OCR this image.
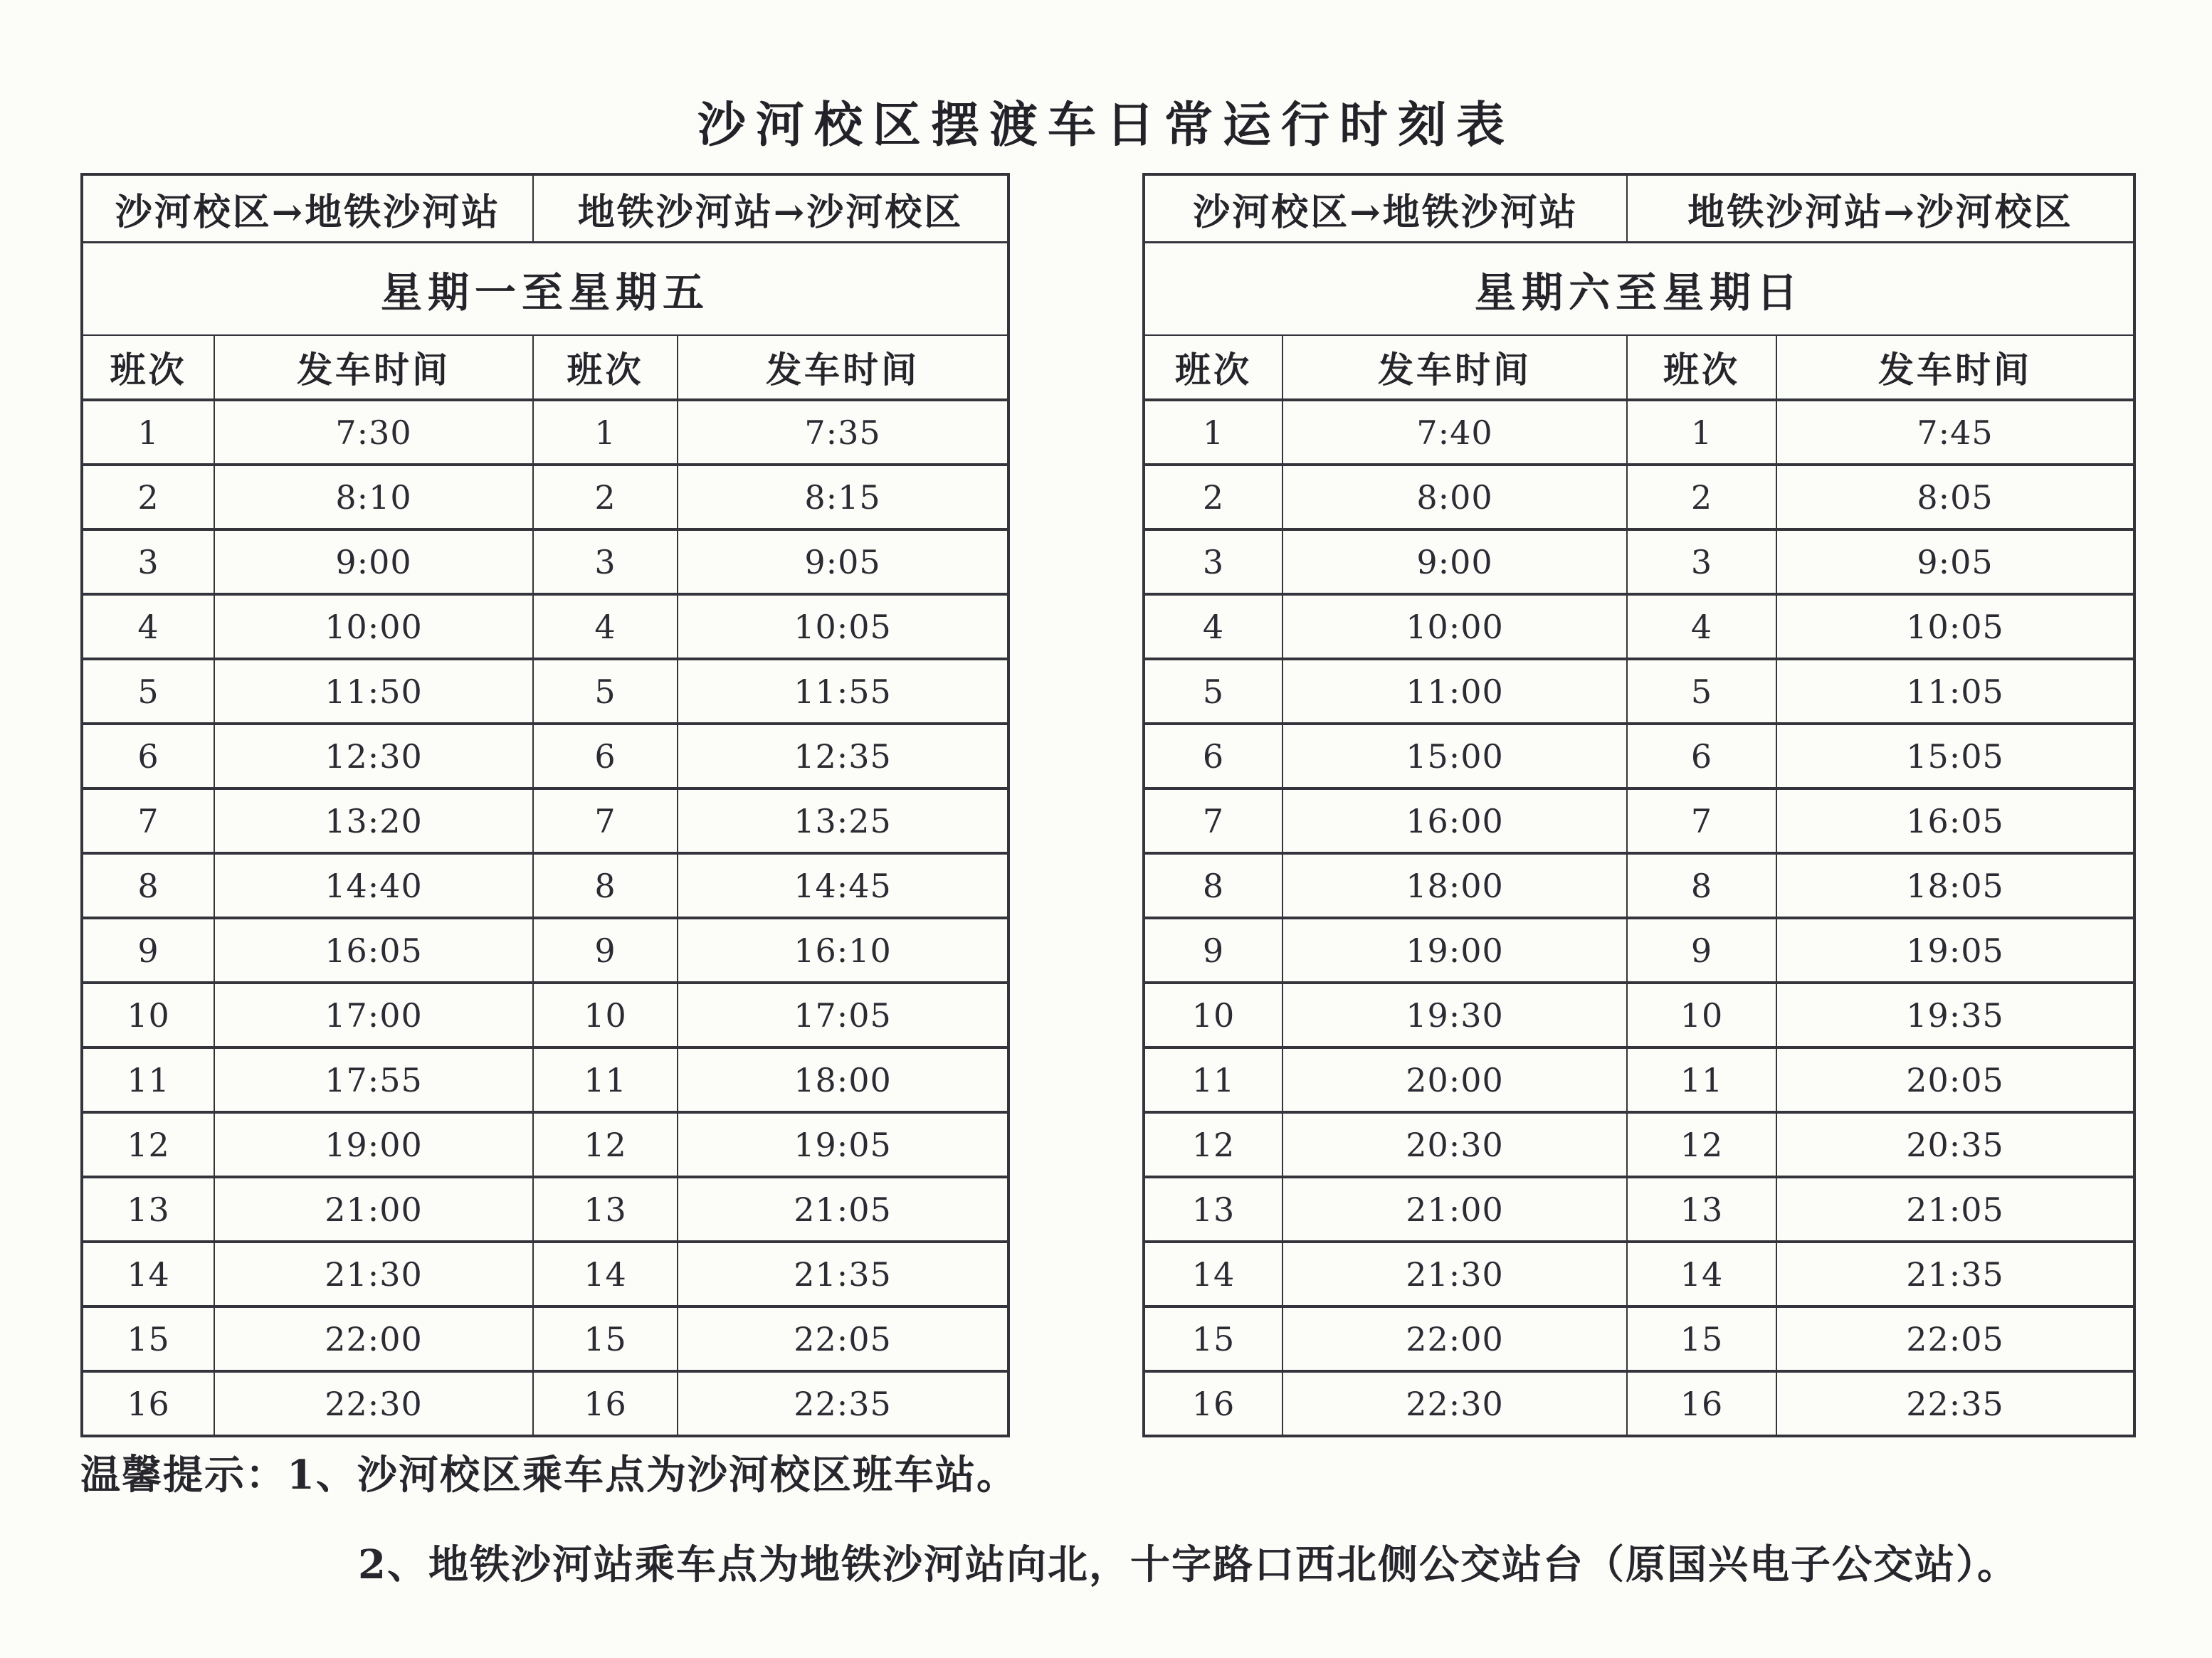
沙河校区摆渡车日常运行时刻表
沙河校区→地铁沙河站		地铁沙河站→沙河校区	
星期一至星期五			
班次	发车时间	班次	发车时间
1	7:30	1	7:35
2	8:10	2	8:15
3	9:00	3	9:05
4	10:00	4	10:05
5	11:50	5	11:55
6	12:30	6	12:35
7	13:20	7	13:25
8	14:40	8	14:45
9	16:05	9	16:10
10	17:00	10	17:05
11	17:55	11	18:00
12	19:00	12	19:05
13	21:00	13	21:05
14	21:30	14	21:35
15	22:00	15	22:05
16	22:30	16	22:35
沙河校区→地铁沙河站		地铁沙河站→沙河校区	
星期六至星期日			
班次	发车时间	班次	发车时间
1	7:40	1	7:45
2	8:00	2	8:05
3	9:00	3	9:05
4	10:00	4	10:05
5	11:00	5	11:05
6	15:00	6	15:05
7	16:00	7	16:05
8	18:00	8	18:05
9	19:00	9	19:05
10	19:30	10	19:35
11	20:00	11	20:05
12	20:30	12	20:35
13	21:00	13	21:05
14	21:30	14	21:35
15	22:00	15	22:05
16	22:30	16	22:35

温馨提示：1、沙河校区乘车点为沙河校区班车站。

2、地铁沙河站乘车点为地铁沙河站向北，十字路口西北侧公交站台（原国兴电子公交站）。
